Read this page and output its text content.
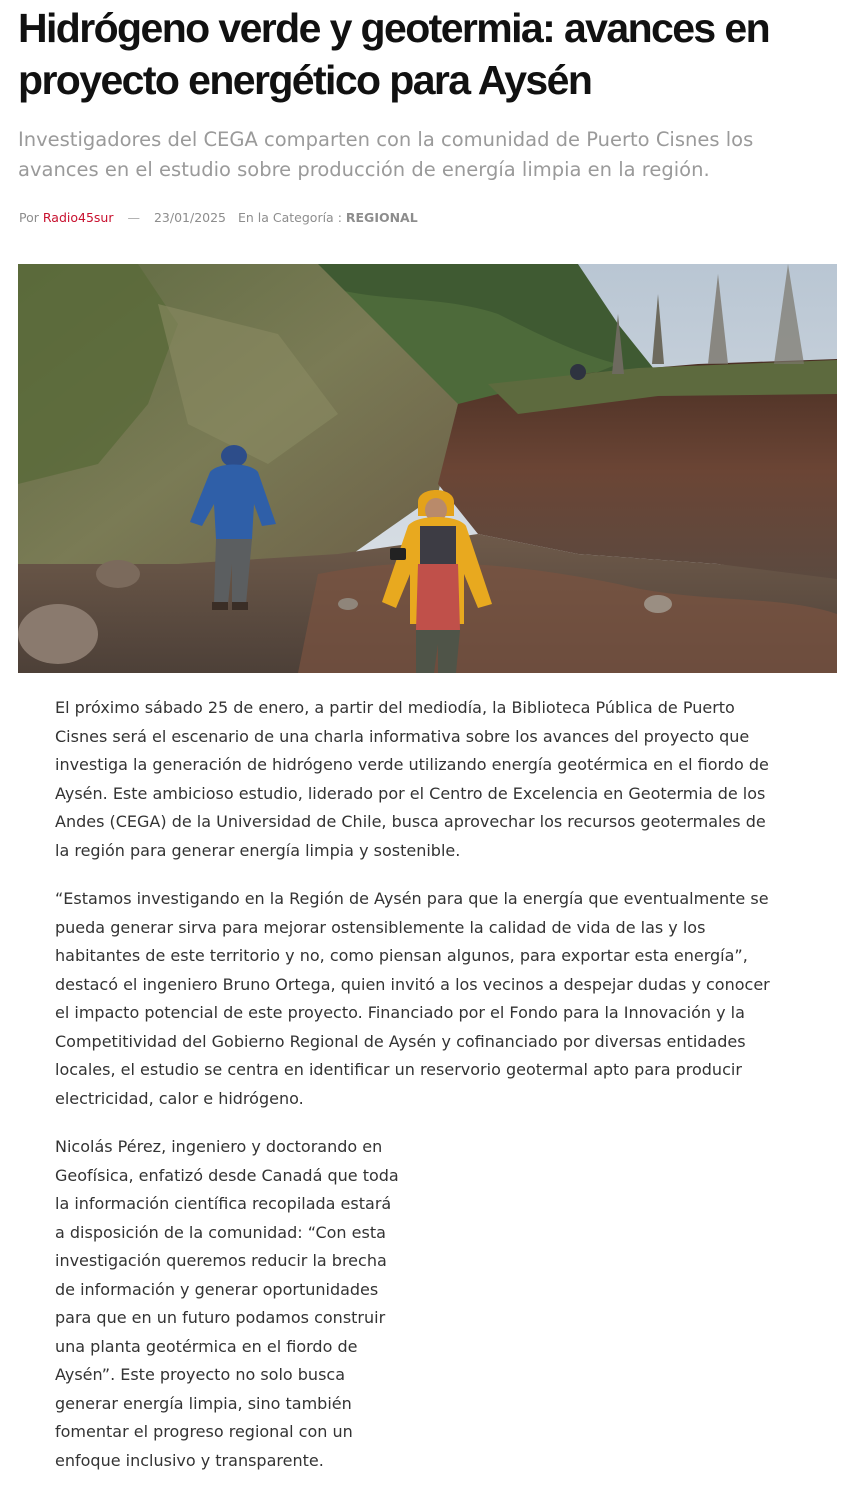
Hidrógeno verde y geotermia: avances en proyecto energético para Aysén

Investigadores del CEGA comparten con la comunidad de Puerto Cisnes los avances en el estudio sobre producción de energía limpia en la región.

Por Radio45sur — 23/01/2025 En la Categoría : REGIONAL

El próximo sábado 25 de enero, a partir del mediodía, la Biblioteca Pública de Puerto Cisnes será el escenario de una charla informativa sobre los avances del proyecto que investiga la generación de hidrógeno verde utilizando energía geotérmica en el fiordo de Aysén. Este ambicioso estudio, liderado por el Centro de Excelencia en Geotermia de los Andes (CEGA) de la Universidad de Chile, busca aprovechar los recursos geotermales de la región para generar energía limpia y sostenible.

“Estamos investigando en la Región de Aysén para que la energía que eventualmente se pueda generar sirva para mejorar ostensiblemente la calidad de vida de las y los habitantes de este territorio y no, como piensan algunos, para exportar esta energía”, destacó el ingeniero Bruno Ortega, quien invitó a los vecinos a despejar dudas y conocer el impacto potencial de este proyecto. Financiado por el Fondo para la Innovación y la Competitividad del Gobierno Regional de Aysén y cofinanciado por diversas entidades locales, el estudio se centra en identificar un reservorio geotermal apto para producir electricidad, calor e hidrógeno.

Nicolás Pérez, ingeniero y doctorando en Geofísica, enfatizó desde Canadá que toda la información científica recopilada estará a disposición de la comunidad: “Con esta investigación queremos reducir la brecha de información y generar oportunidades para que en un futuro podamos construir una planta geotérmica en el fiordo de Aysén”. Este proyecto no solo busca generar energía limpia, sino también fomentar el progreso regional con un enfoque inclusivo y transparente.
